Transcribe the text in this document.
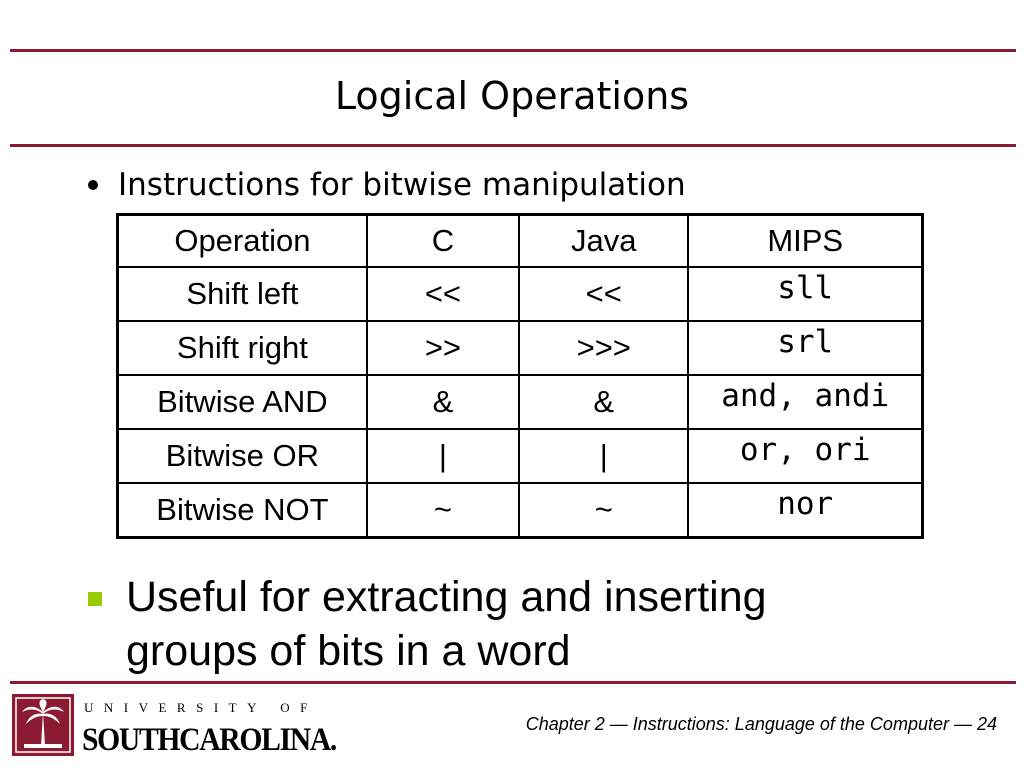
Logical Operations
Instructions for bitwise manipulation
Operation	C	Java	MIPS
Shift left	<<	<<	sll
Shift right	>>	>>>	srl
Bitwise AND	&	&	and, andi
Bitwise OR	|	|	or, ori
Bitwise NOT	~	~	nor
Useful for extracting and inserting groups of bits in a word
UNIVERSITY OF
SOUTHCAROLINA.	Chapter 2 — Instructions: Language of the Computer — 24
